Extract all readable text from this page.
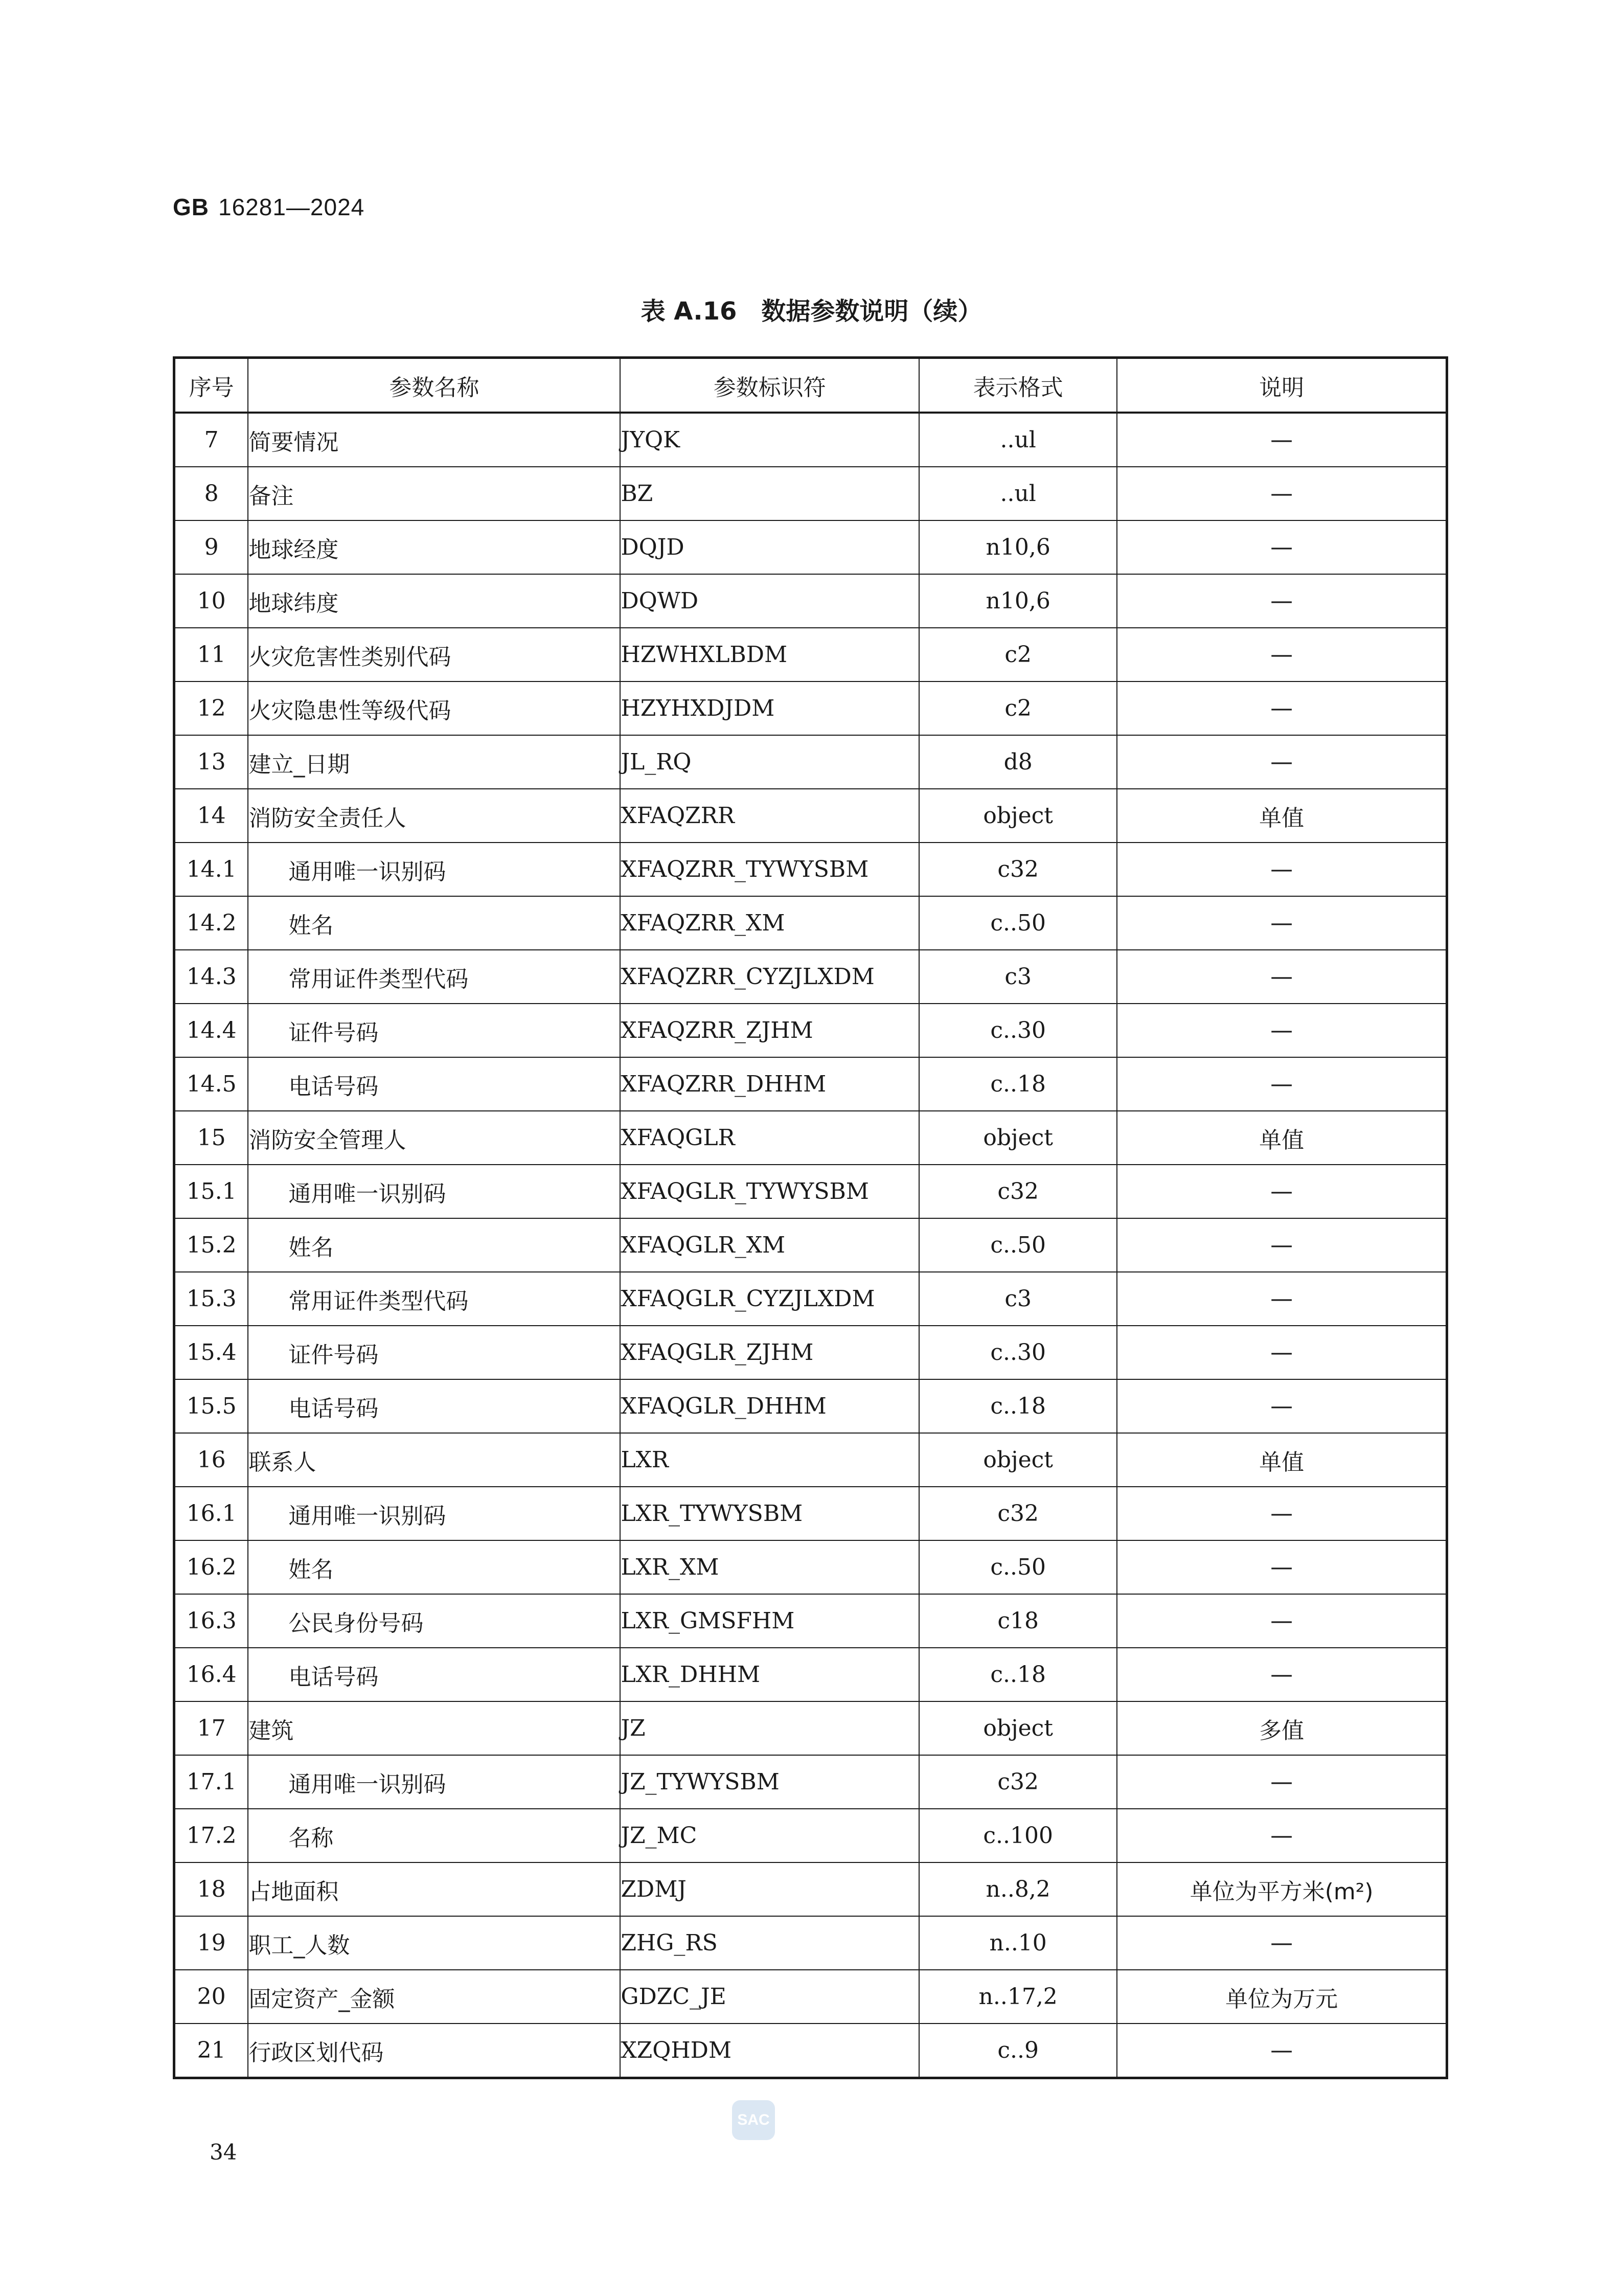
GB 16281—2024
表 A.16 数据参数说明（续）
序号	参数名称	参数标识符	表示格式	说明
7	简要情况	JYQK	..ul	—
8	备注	BZ	..ul	—
9	地球经度	DQJD	n10,6	—
10	地球纬度	DQWD	n10,6	—
11	火灾危害性类别代码	HZWHXLBDM	c2	—
12	火灾隐患性等级代码	HZYHXDJDM	c2	—
13	建立_日期	JL_RQ	d8	—
14	消防安全责任人	XFAQZRR	object	单值
14.1	通用唯一识别码	XFAQZRR_TYWYSBM	c32	—
14.2	姓名	XFAQZRR_XM	c..50	—
14.3	常用证件类型代码	XFAQZRR_CYZJLXDM	c3	—
14.4	证件号码	XFAQZRR_ZJHM	c..30	—
14.5	电话号码	XFAQZRR_DHHM	c..18	—
15	消防安全管理人	XFAQGLR	object	单值
15.1	通用唯一识别码	XFAQGLR_TYWYSBM	c32	—
15.2	姓名	XFAQGLR_XM	c..50	—
15.3	常用证件类型代码	XFAQGLR_CYZJLXDM	c3	—
15.4	证件号码	XFAQGLR_ZJHM	c..30	—
15.5	电话号码	XFAQGLR_DHHM	c..18	—
16	联系人	LXR	object	单值
16.1	通用唯一识别码	LXR_TYWYSBM	c32	—
16.2	姓名	LXR_XM	c..50	—
16.3	公民身份号码	LXR_GMSFHM	c18	—
16.4	电话号码	LXR_DHHM	c..18	—
17	建筑	JZ	object	多值
17.1	通用唯一识别码	JZ_TYWYSBM	c32	—
17.2	名称	JZ_MC	c..100	—
18	占地面积	ZDMJ	n..8,2	单位为平方米(m²)
19	职工_人数	ZHG_RS	n..10	—
20	固定资产_金额	GDZC_JE	n..17,2	单位为万元
21	行政区划代码	XZQHDM	c..9	—
34
SAC
